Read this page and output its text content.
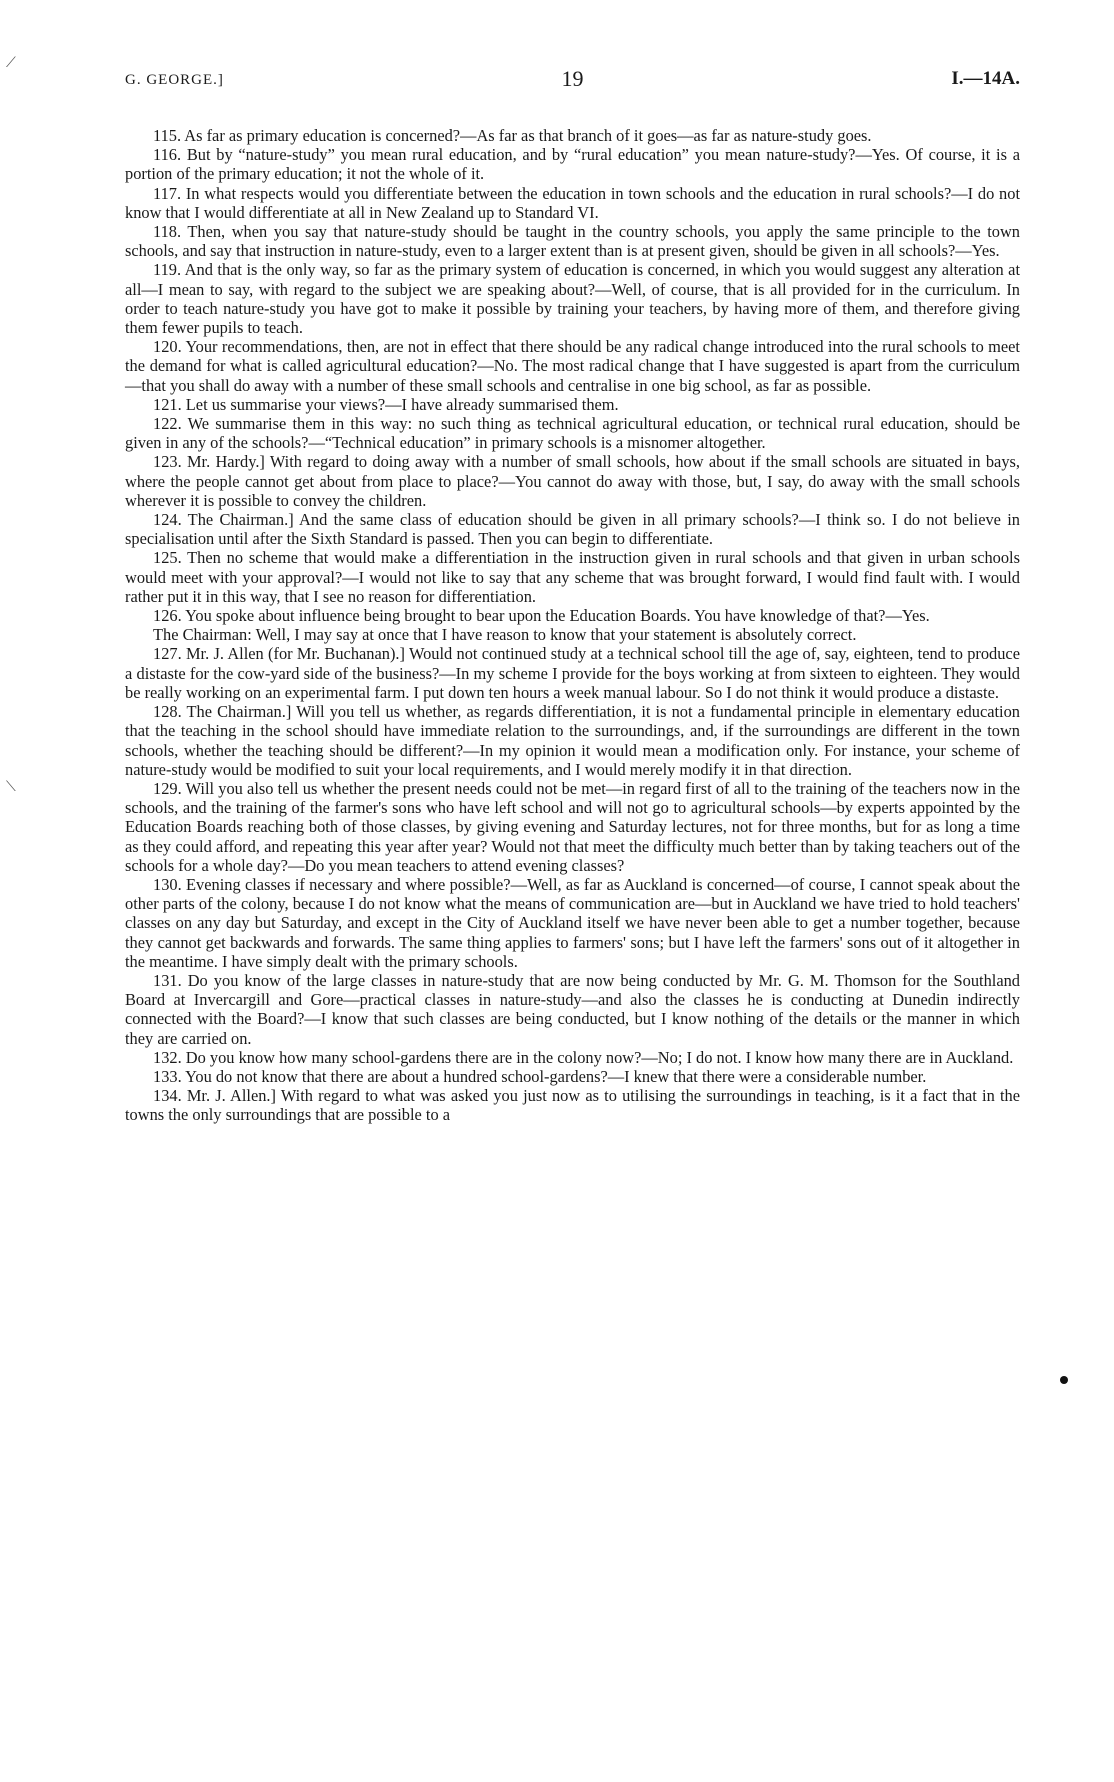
G. GEORGE.]	19	I.—14A.
⟋
⟍

115. As far as primary education is concerned?—As far as that branch of it goes—as far as nature-study goes.

116. But by “nature-study” you mean rural education, and by “rural education” you mean nature-study?—Yes. Of course, it is a portion of the primary education; it not the whole of it.

117. In what respects would you differentiate between the education in town schools and the education in rural schools?—I do not know that I would differentiate at all in New Zealand up to Standard VI.

118. Then, when you say that nature-study should be taught in the country schools, you apply the same principle to the town schools, and say that instruction in nature-study, even to a larger extent than is at present given, should be given in all schools?—Yes.

119. And that is the only way, so far as the primary system of education is concerned, in which you would suggest any alteration at all—I mean to say, with regard to the subject we are speaking about?—Well, of course, that is all provided for in the curriculum. In order to teach nature-study you have got to make it possible by training your teachers, by having more of them, and therefore giving them fewer pupils to teach.

120. Your recommendations, then, are not in effect that there should be any radical change introduced into the rural schools to meet the demand for what is called agricultural education?—No. The most radical change that I have suggested is apart from the curriculum—that you shall do away with a number of these small schools and centralise in one big school, as far as possible.

121. Let us summarise your views?—I have already summarised them.

122. We summarise them in this way: no such thing as technical agricultural education, or technical rural education, should be given in any of the schools?—“Technical education” in primary schools is a misnomer altogether.

123. Mr. Hardy.] With regard to doing away with a number of small schools, how about if the small schools are situated in bays, where the people cannot get about from place to place?—You cannot do away with those, but, I say, do away with the small schools wherever it is possible to convey the children.

124. The Chairman.] And the same class of education should be given in all primary schools?—I think so. I do not believe in specialisation until after the Sixth Standard is passed. Then you can begin to differentiate.

125. Then no scheme that would make a differentiation in the instruction given in rural schools and that given in urban schools would meet with your approval?—I would not like to say that any scheme that was brought forward, I would find fault with. I would rather put it in this way, that I see no reason for differentiation.

126. You spoke about influence being brought to bear upon the Education Boards. You have knowledge of that?—Yes.

The Chairman: Well, I may say at once that I have reason to know that your statement is absolutely correct.

127. Mr. J. Allen (for Mr. Buchanan).] Would not continued study at a technical school till the age of, say, eighteen, tend to produce a distaste for the cow-yard side of the business?—In my scheme I provide for the boys working at from sixteen to eighteen. They would be really working on an experimental farm. I put down ten hours a week manual labour. So I do not think it would produce a distaste.

128. The Chairman.] Will you tell us whether, as regards differentiation, it is not a fundamental principle in elementary education that the teaching in the school should have immediate relation to the surroundings, and, if the surroundings are different in the town schools, whether the teaching should be different?—In my opinion it would mean a modification only. For instance, your scheme of nature-study would be modified to suit your local requirements, and I would merely modify it in that direction.

129. Will you also tell us whether the present needs could not be met—in regard first of all to the training of the teachers now in the schools, and the training of the farmer's sons who have left school and will not go to agricultural schools—by experts appointed by the Education Boards reaching both of those classes, by giving evening and Saturday lectures, not for three months, but for as long a time as they could afford, and repeating this year after year? Would not that meet the difficulty much better than by taking teachers out of the schools for a whole day?—Do you mean teachers to attend evening classes?

130. Evening classes if necessary and where possible?—Well, as far as Auckland is concerned—of course, I cannot speak about the other parts of the colony, because I do not know what the means of communication are—but in Auckland we have tried to hold teachers' classes on any day but Saturday, and except in the City of Auckland itself we have never been able to get a number together, because they cannot get backwards and forwards. The same thing applies to farmers' sons; but I have left the farmers' sons out of it altogether in the meantime. I have simply dealt with the primary schools.

131. Do you know of the large classes in nature-study that are now being conducted by Mr. G. M. Thomson for the Southland Board at Invercargill and Gore—practical classes in nature-study—and also the classes he is conducting at Dunedin indirectly connected with the Board?—I know that such classes are being conducted, but I know nothing of the details or the manner in which they are carried on.

132. Do you know how many school-gardens there are in the colony now?—No; I do not. I know how many there are in Auckland.

133. You do not know that there are about a hundred school-gardens?—I knew that there were a considerable number.

134. Mr. J. Allen.] With regard to what was asked you just now as to utilising the surroundings in teaching, is it a fact that in the towns the only surroundings that are possible to a
